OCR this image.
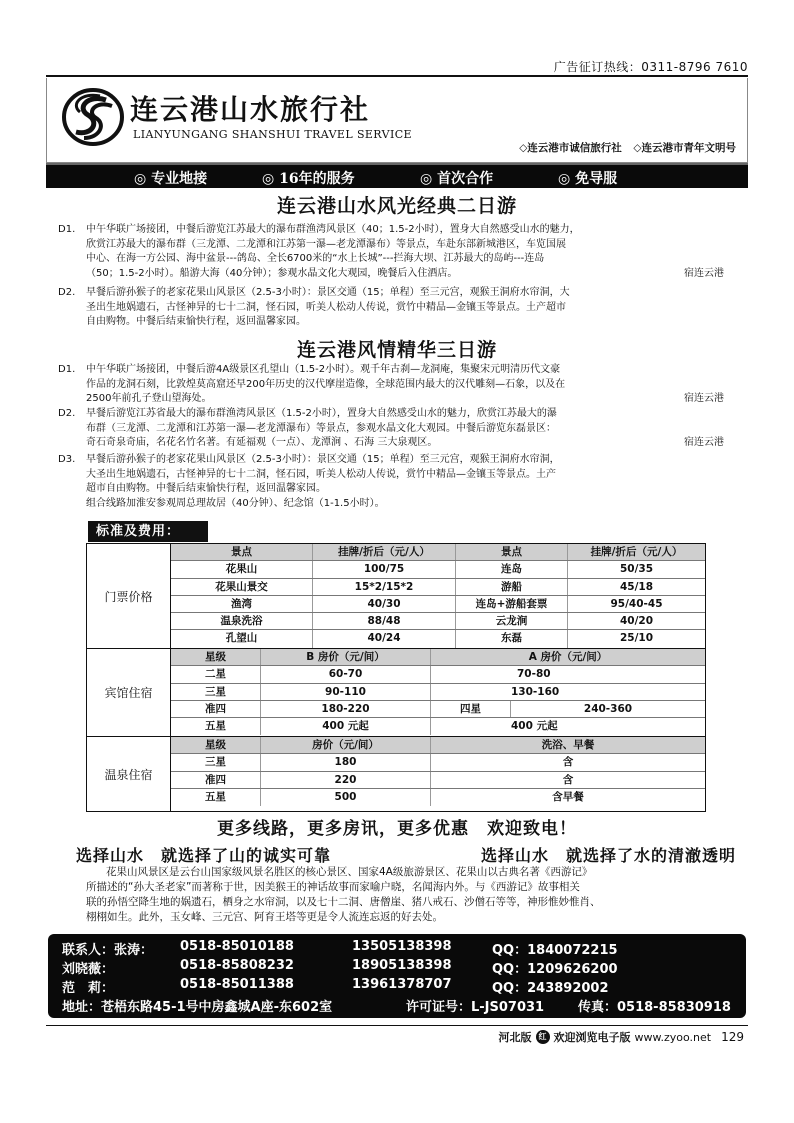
广告征订热线：0311-8796 7610
连云港山水旅行社
LIANYUNGANG SHANSHUI TRAVEL SERVICE
◇连云港市诚信旅行社 ◇连云港市青年文明号
◎ 专业地接	◎ 16年的服务	◎ 首次合作	◎ 免导服
连云港山水风光经典二日游
D1. 中午华联广场接团，中餐后游览江苏最大的瀑布群渔湾风景区（40；1.5-2小时），置身大自然感受山水的魅力，
欣赏江苏最大的瀑布群（三龙潭、二龙潭和江苏第一瀑—老龙潭瀑布）等景点，车赴东部新城港区，车览国展
中心、在海一方公园、海中盆景---鸽岛、全长6700米的“水上长城”---拦海大坝、江苏最大的岛屿---连岛
（50；1.5-2小时）。船游大海（40分钟）；参观水晶文化大观园，晚餐后入住酒店。	宿连云港
D2. 早餐后游孙猴子的老家花果山风景区（2.5-3小时）：景区交通（15；单程）至三元宫，观猴王洞府水帘洞，大
圣出生地娲遗石，古怪神异的七十二洞，怪石园，听美人松动人传说，赏竹中精品—金镶玉等景点。土产超市
自由购物。中餐后结束愉快行程，返回温馨家园。
连云港风情精华三日游
D1. 中午华联广场接团，中餐后游4A级景区孔望山（1.5-2小时）。观千年古刹—龙洞庵，集聚宋元明清历代文豪
作品的龙洞石刻，比敦煌莫高窟还早200年历史的汉代摩崖造像，全球范围内最大的汉代雕刻—石象，以及在
2500年前孔子登山望海处。	宿连云港
D2. 早餐后游览江苏省最大的瀑布群渔湾风景区（1.5-2小时），置身大自然感受山水的魅力，欣赏江苏最大的瀑
布群（三龙潭、二龙潭和江苏第一瀑—老龙潭瀑布）等景点，参观水晶文化大观园。中餐后游览东磊景区：
奇石奇泉奇庙，名花名竹名著。有延福观（一点）、龙潭涧 、石海 三大泉观区。	宿连云港
D3. 早餐后游孙猴子的老家花果山风景区（2.5-3小时）：景区交通（15；单程）至三元宫，观猴王洞府水帘洞，
大圣出生地娲遗石，古怪神异的七十二洞，怪石园，听美人松动人传说，赏竹中精品—金镶玉等景点。土产
超市自由购物。中餐后结束愉快行程，返回温馨家园。
组合线路加淮安参观周总理故居（40分钟）、纪念馆（1-1.5小时）。
标准及费用：
门票价格
景点	挂牌/折后（元/人）	景点	挂牌/折后（元/人）
花果山	100/75	连岛	50/35
花果山景交	15*2/15*2	游船	45/18
渔湾	40/30	连岛+游船套票	95/40-45
温泉洗浴	88/48	云龙涧	40/20
孔望山	40/24	东磊	25/10
宾馆住宿
星级	B 房价（元/间）	A 房价（元/间）
二星	60-70	70-80
三星	90-110	130-160
准四	180-220	四星	240-360
五星	400 元起	400 元起
温泉住宿
星级	房价（元/间）	洗浴、早餐
三星	180	含
准四	220	含
五星	500	含早餐
更多线路，更多房讯，更多优惠　欢迎致电！
选择山水　就选择了山的诚实可靠	选择山水　就选择了水的清澈透明
花果山风景区是云台山国家级风景名胜区的核心景区、国家4A级旅游景区、花果山以古典名著《西游记》
所描述的“孙大圣老家”而著称于世，因美猴王的神话故事而家喻户晓，名闻海内外。与《西游记》故事相关
联的孙悟空降生地的娲遗石，栖身之水帘洞，以及七十二洞、唐僧崖、猪八戒石、沙僧石等等，神形惟妙惟肖、
栩栩如生。此外，玉女峰、三元宫、阿育王塔等更是令人流连忘返的好去处。
联系人：张涛： 0518-85010188	13505138398	QQ：1840072215
刘晓薇：	0518-85808232	18905138398	QQ：1209626200
范　莉：	0518-85011388	13961378707	QQ：243892002
地址：苍梧东路45-1号中房鑫城A座-东602室	许可证号：L-JS07031	传真：0518-85830918
河北版 红 欢迎浏览电子版 www.zyoo.net 129
